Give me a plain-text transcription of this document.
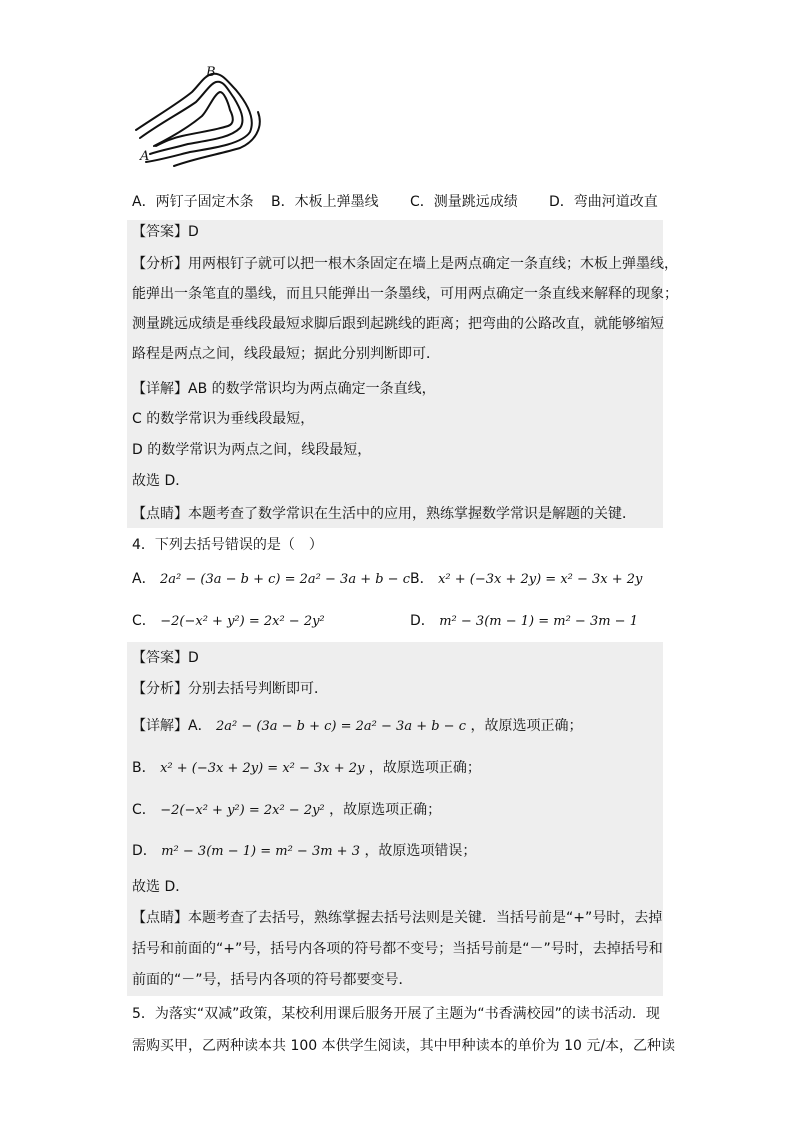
B
A
A．两钉子固定木条 B．木板上弹墨线 C．测量跳远成绩 D．弯曲河道改直
【答案】D
【分析】用两根钉子就可以把一根木条固定在墙上是两点确定一条直线；木板上弹墨线，
能弹出一条笔直的墨线，而且只能弹出一条墨线，可用两点确定一条直线来解释的现象；
测量跳远成绩是垂线段最短求脚后跟到起跳线的距离；把弯曲的公路改直，就能够缩短
路程是两点之间，线段最短；据此分别判断即可．
【详解】AB 的数学常识均为两点确定一条直线，
C 的数学常识为垂线段最短，
D 的数学常识为两点之间，线段最短，
故选 D．
【点睛】本题考查了数学常识在生活中的应用，熟练掌握数学常识是解题的关键．
4．下列去括号错误的是（　）
A． 2a² − (3a − b + c) = 2a² − 3a + b − c B． x² + (−3x + 2y) = x² − 3x + 2y
C． −2(−x² + y²) = 2x² − 2y²	D． m² − 3(m − 1) = m² − 3m − 1
【答案】D
【分析】分别去括号判断即可．
【详解】A． 2a² − (3a − b + c) = 2a² − 3a + b − c ，故原选项正确；
B． x² + (−3x + 2y) = x² − 3x + 2y ，故原选项正确；
C． −2(−x² + y²) = 2x² − 2y² ，故原选项正确；
D． m² − 3(m − 1) = m² − 3m + 3 ，故原选项错误；
故选 D．
【点睛】本题考查了去括号，熟练掌握去括号法则是关键．当括号前是“+”号时，去掉
括号和前面的“+”号，括号内各项的符号都不变号；当括号前是“－”号时，去掉括号和
前面的“－”号，括号内各项的符号都要变号．
5．为落实“双减”政策，某校利用课后服务开展了主题为“书香满校园”的读书活动．现
需购买甲，乙两种读本共 100 本供学生阅读，其中甲种读本的单价为 10 元/本，乙种读
